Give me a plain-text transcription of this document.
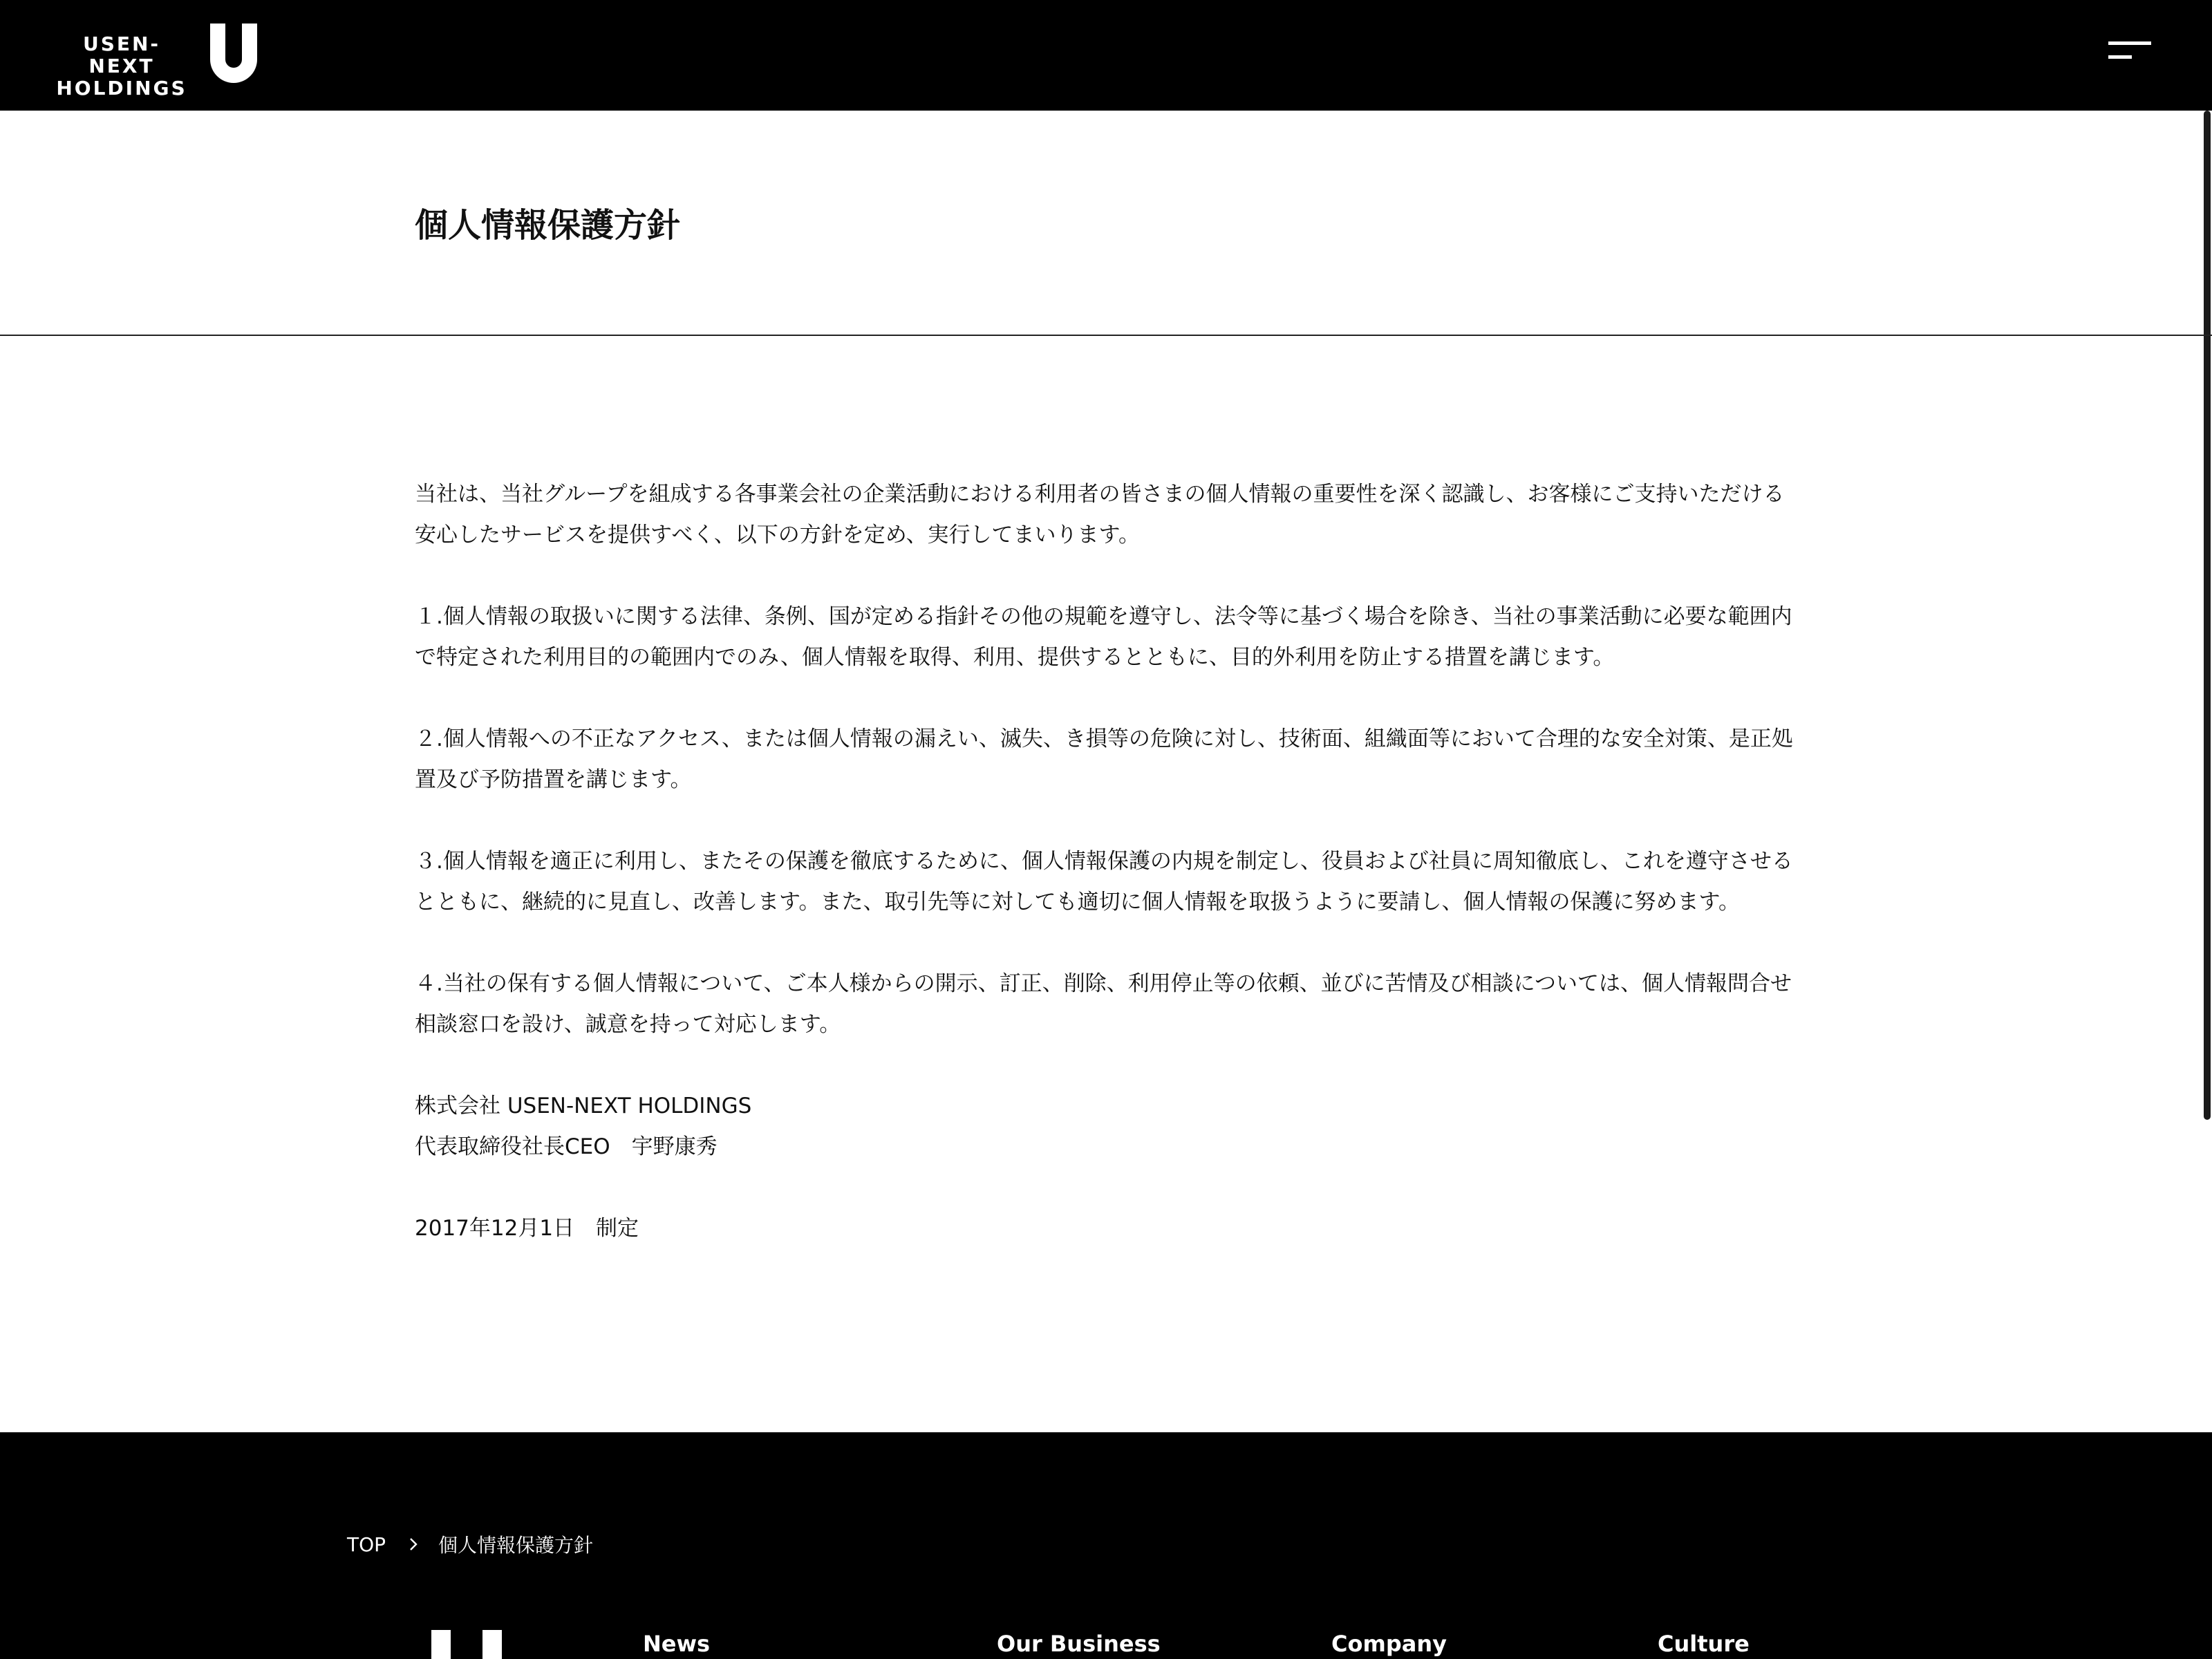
USEN-NEXT
HOLDINGS
個人情報保護方針

当社は、当社グループを組成する各事業会社の企業活動における利用者の皆さまの個人情報の重要性を深く認識し、お客様にご支持いただける安心したサービスを提供すべく、以下の方針を定め、実行してまいります。

１.個人情報の取扱いに関する法律、条例、国が定める指針その他の規範を遵守し、法令等に基づく場合を除き、当社の事業活動に必要な範囲内で特定された利用目的の範囲内でのみ、個人情報を取得、利用、提供するとともに、目的外利用を防止する措置を講じます。

２.個人情報への不正なアクセス、または個人情報の漏えい、滅失、き損等の危険に対し、技術面、組織面等において合理的な安全対策、是正処置及び予防措置を講じます。

３.個人情報を適正に利用し、またその保護を徹底するために、個人情報保護の内規を制定し、役員および社員に周知徹底し、これを遵守させるとともに、継続的に見直し、改善します。また、取引先等に対しても適切に個人情報を取扱うように要請し、個人情報の保護に努めます。

４.当社の保有する個人情報について、ご本人様からの開示、訂正、削除、利用停止等の依頼、並びに苦情及び相談については、個人情報問合せ相談窓口を設け、誠意を持って対応します。

株式会社 USEN-NEXT HOLDINGS

代表取締役社長CEO　宇野康秀

2017年12月1日　制定

TOP	個人情報保護方針
News	Our Business	Company	Culture
